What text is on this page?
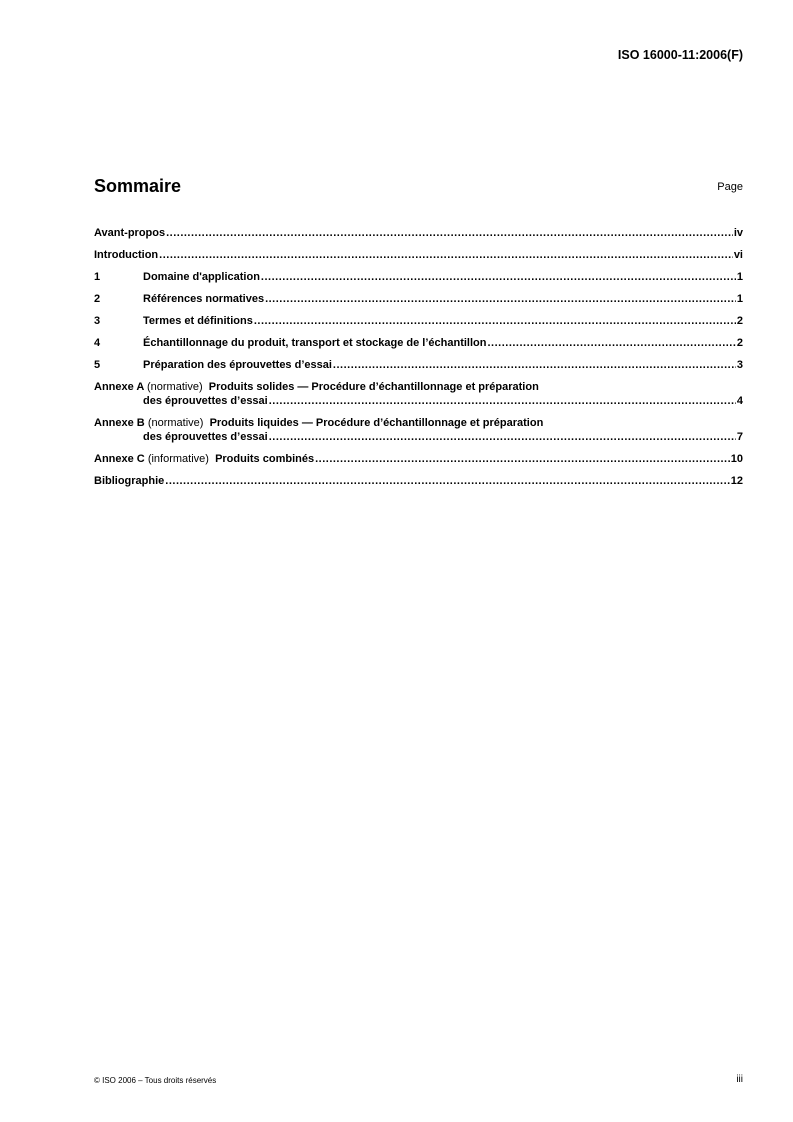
ISO 16000-11:2006(F)
Sommaire	Page
Avant-propos .....	iv
Introduction .....	vi
1	Domaine d'application .....	1
2	Références normatives .....	1
3	Termes et définitions .....	2
4	Échantillonnage du produit, transport et stockage de l’échantillon .....	2
5	Préparation des éprouvettes d’essai .....	3
Annexe A (normative) Produits solides — Procédure d’échantillonnage et préparation
des éprouvettes d’essai .....	4
Annexe B (normative) Produits liquides — Procédure d’échantillonnage et préparation
des éprouvettes d’essai .....	7
Annexe C (informative) Produits combinés .....	10
Bibliographie .....	12
© ISO 2006 – Tous droits réservés	iii
